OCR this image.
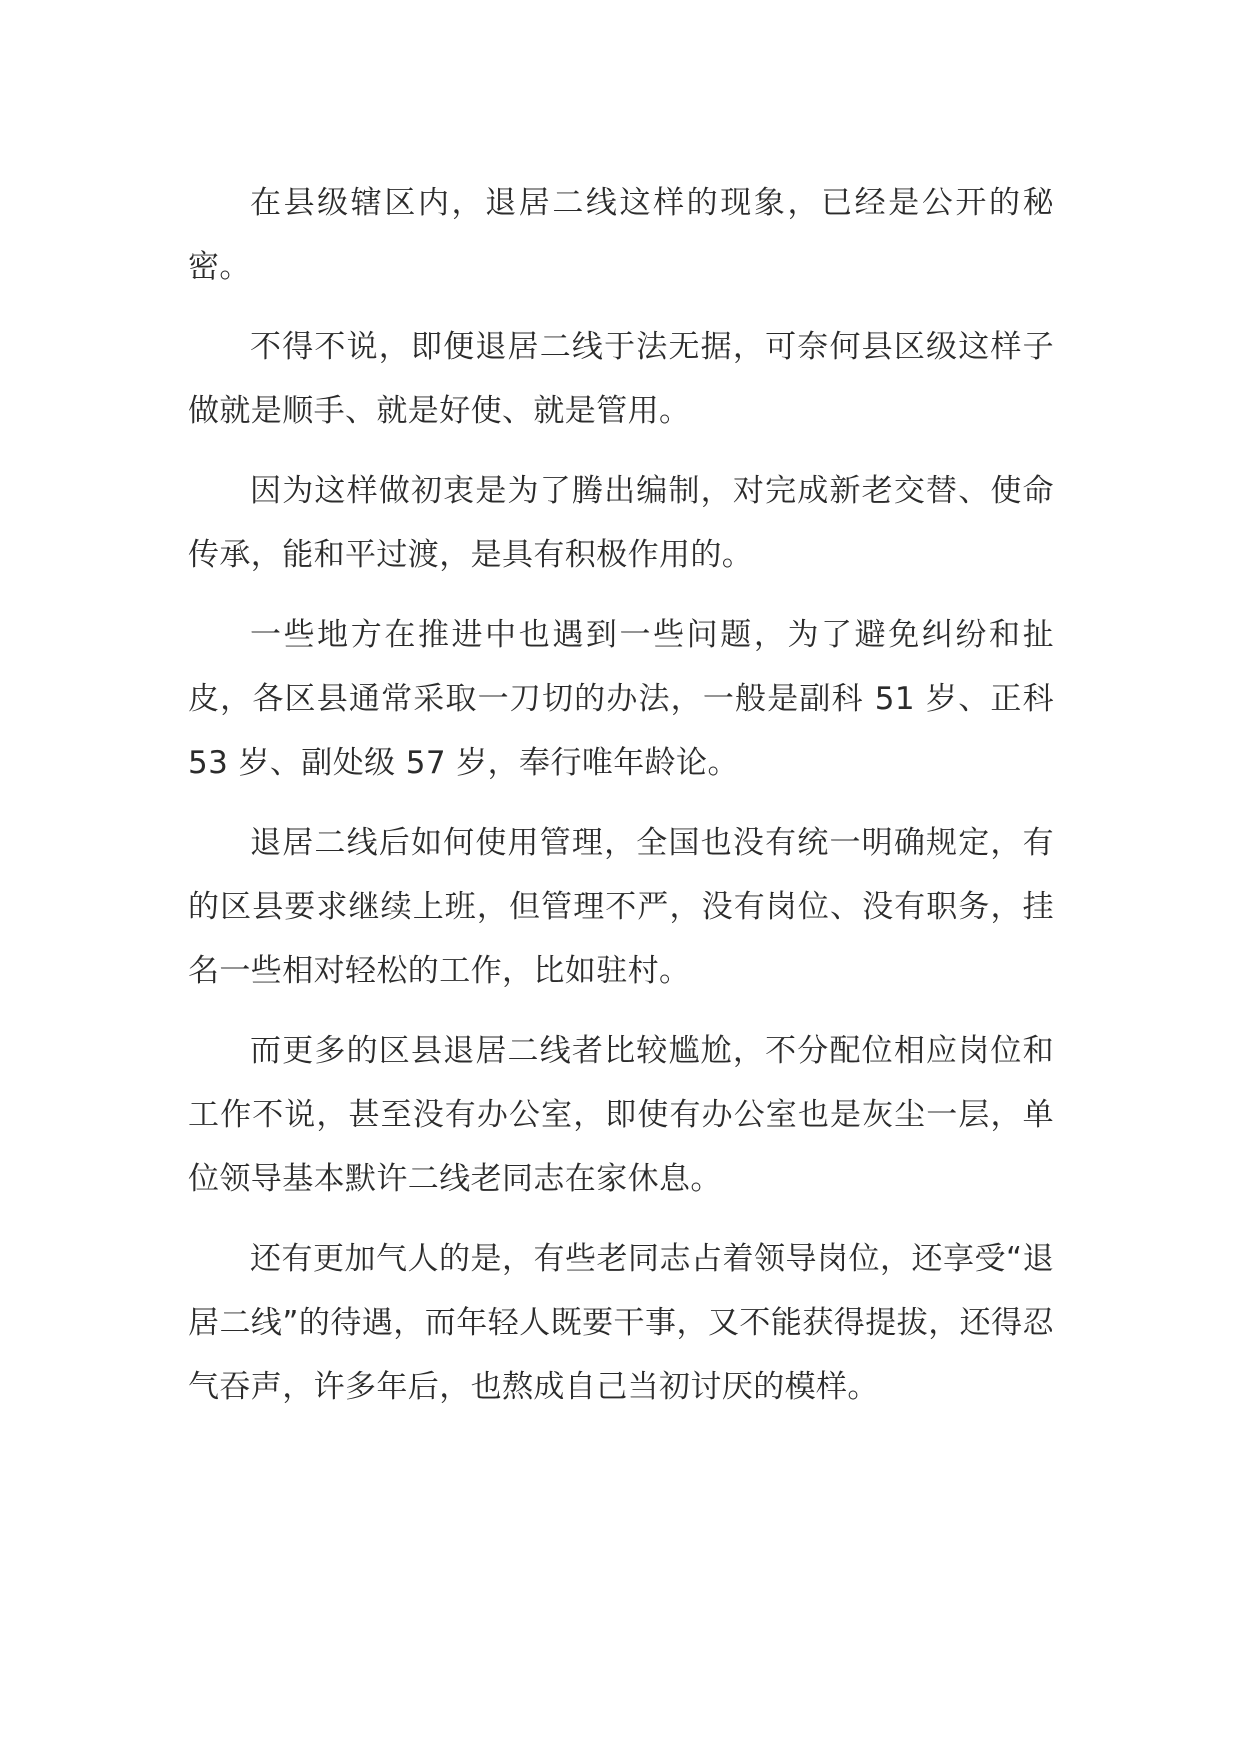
在县级辖区内，退居二线这样的现象，已经是公开的秘密。

不得不说，即便退居二线于法无据，可奈何县区级这样子做就是顺手、就是好使、就是管用。

因为这样做初衷是为了腾出编制，对完成新老交替、使命传承，能和平过渡，是具有积极作用的。

一些地方在推进中也遇到一些问题，为了避免纠纷和扯皮，各区县通常采取一刀切的办法，一般是副科 51 岁、正科 53 岁、副处级 57 岁，奉行唯年龄论。

退居二线后如何使用管理，全国也没有统一明确规定，有的区县要求继续上班，但管理不严，没有岗位、没有职务，挂名一些相对轻松的工作，比如驻村。

而更多的区县退居二线者比较尴尬，不分配位相应岗位和工作不说，甚至没有办公室，即使有办公室也是灰尘一层，单位领导基本默许二线老同志在家休息。

还有更加气人的是，有些老同志占着领导岗位，还享受“退居二线”的待遇，而年轻人既要干事，又不能获得提拔，还得忍气吞声，许多年后，也熬成自己当初讨厌的模样。
